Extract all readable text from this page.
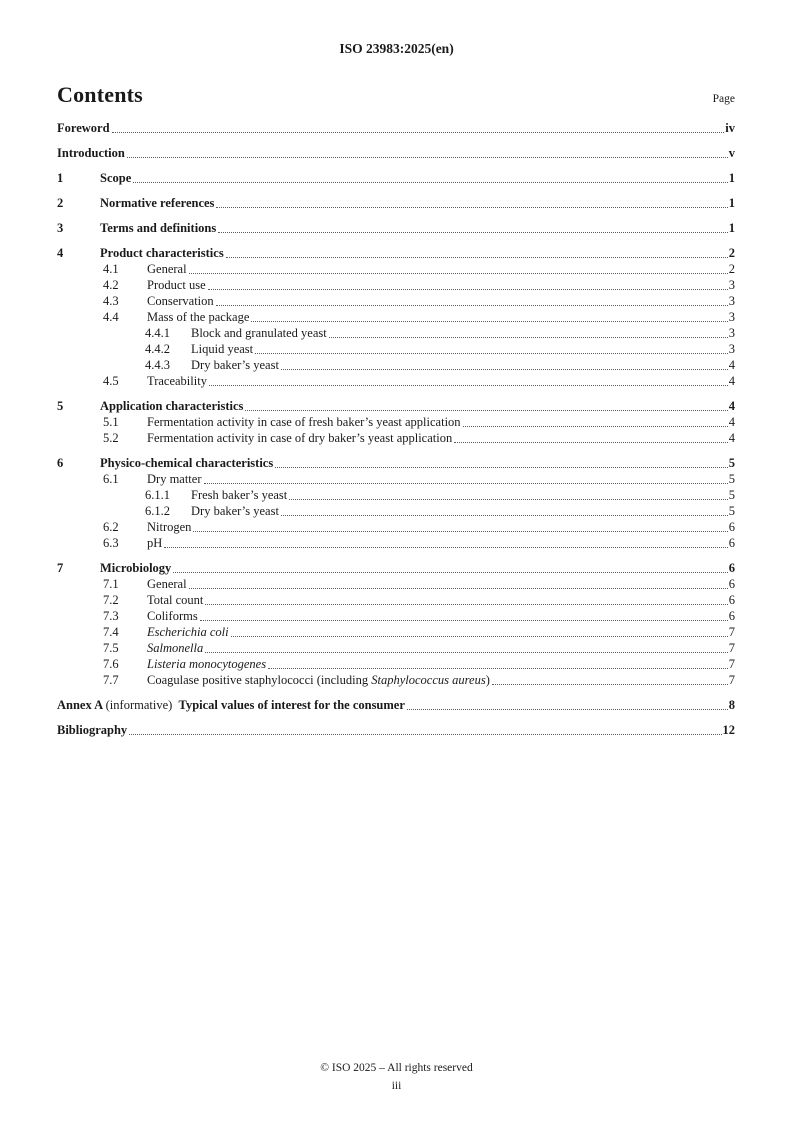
ISO 23983:2025(en)
Contents	Page
Foreword	iv
Introduction	v
1	Scope	1
2	Normative references	1
3	Terms and definitions	1
4	Product characteristics	2
4.1	General	2
4.2	Product use	3
4.3	Conservation	3
4.4	Mass of the package	3
4.4.1	Block and granulated yeast	3
4.4.2	Liquid yeast	3
4.4.3	Dry baker’s yeast	4
4.5	Traceability	4
5	Application characteristics	4
5.1	Fermentation activity in case of fresh baker’s yeast application	4
5.2	Fermentation activity in case of dry baker’s yeast application	4
6	Physico-chemical characteristics	5
6.1	Dry matter	5
6.1.1	Fresh baker’s yeast	5
6.1.2	Dry baker’s yeast	5
6.2	Nitrogen	6
6.3	pH	6
7	Microbiology	6
7.1	General	6
7.2	Total count	6
7.3	Coliforms	6
7.4	Escherichia coli	7
7.5	Salmonella	7
7.6	Listeria monocytogenes	7
7.7	Coagulase positive staphylococci (including Staphylococcus aureus)	7
Annex A (informative)  Typical values of interest for the consumer	8
Bibliography	12
© ISO 2025 – All rights reserved
iii
